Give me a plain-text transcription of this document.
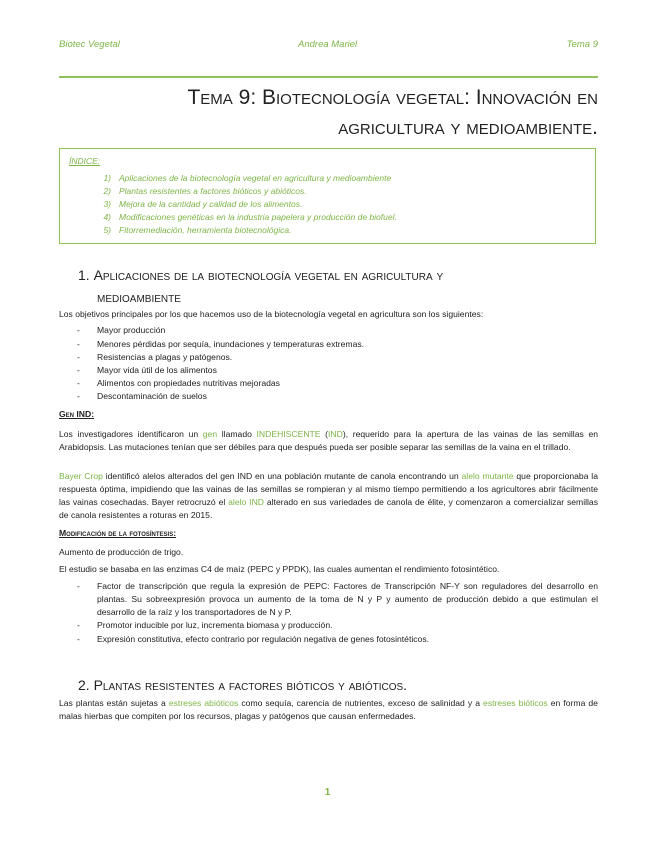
Biotec Vegetal	Andrea Mariel	Tema 9
Tema 9: Biotecnología vegetal: Innovación en
agricultura y medioambiente.
ÍNDICE:
1) Aplicaciones de la biotecnología vegetal en agricultura y medioambiente
2) Plantas resistentes a factores bióticos y abióticos.
3) Mejora de la cantidad y calidad de los alimentos.
4) Modificaciones genéticas en la industria papelera y producción de biofuel.
5) Fitorremediación, herramienta biotecnológica.
1. Aplicaciones de la biotecnología vegetal en agricultura y
medioambiente
Los objetivos principales por los que hacemos uso de la biotecnología vegetal en agricultura son los siguientes:
- Mayor producción
- Menores pérdidas por sequía, inundaciones y temperaturas extremas.
- Resistencias a plagas y patógenos.
- Mayor vida útil de los alimentos
- Alimentos con propiedades nutritivas mejoradas
- Descontaminación de suelos
Gen IND:
Los investigadores identificaron un gen llamado INDEHISCENTE (IND), requerido para la apertura de las vainas de las semillas en Arabidopsis. Las mutaciones tenían que ser débiles para que después pueda ser posible separar las semillas de la vaina en el trillado.
Bayer Crop identificó alelos alterados del gen IND en una población mutante de canola encontrando un alelo mutante que proporcionaba la respuesta óptima, impidiendo que las vainas de las semillas se rompieran y al mismo tiempo permitiendo a los agricultores abrir fácilmente las vainas cosechadas. Bayer retrocruzó el alelo IND alterado en sus variedades de canola de élite, y comenzaron a comercializar semillas de canola resistentes a roturas en 2015.
Modificación de la fotosíntesis:
Aumento de producción de trigo.
El estudio se basaba en las enzimas C4 de maíz (PEPC y PPDK), las cuales aumentan el rendimiento fotosintético.
- Factor de transcripción que regula la expresión de PEPC: Factores de Transcripción NF-Y son reguladores del desarrollo en plantas. Su sobreexpresión provoca un aumento de la toma de N y P y aumento de producción debido a que estimulan el desarrollo de la raíz y los transportadores de N y P.
- Promotor inducible por luz, incrementa biomasa y producción.
- Expresión constitutiva, efecto contrario por regulación negativa de genes fotosintéticos.
2. Plantas resistentes a factores bióticos y abióticos.
Las plantas están sujetas a estreses abióticos como sequía, carencia de nutrientes, exceso de salinidad y a estreses bióticos en forma de malas hierbas que compiten por los recursos, plagas y patógenos que causan enfermedades.
1
